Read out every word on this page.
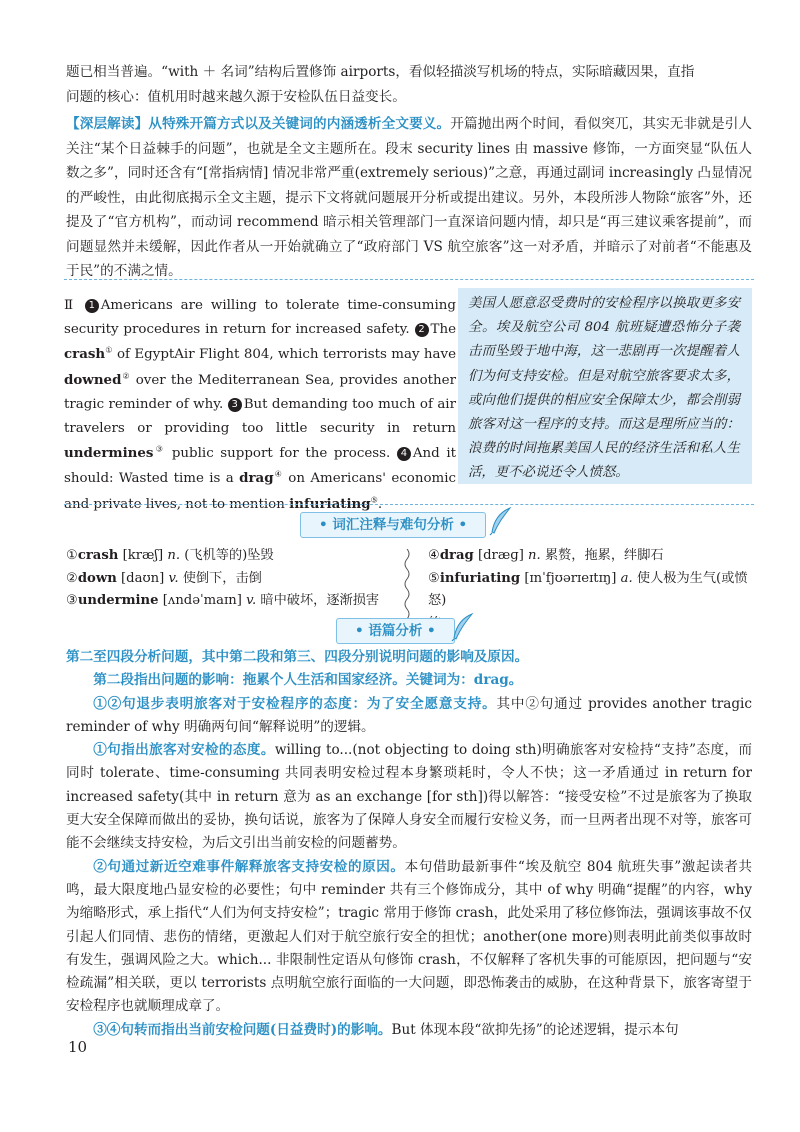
题已相当普遍。“with ＋ 名词”结构后置修饰 airports，看似轻描淡写机场的特点，实际暗藏因果，直指
问题的核心：值机用时越来越久源于安检队伍日益变长。
【深层解读】从特殊开篇方式以及关键词的内涵透析全文要义。开篇抛出两个时间，看似突兀，其实无非就是引人关注“某个日益棘手的问题”，也就是全文主题所在。段末 security lines 由 massive 修饰，一方面突显“队伍人数之多”，同时还含有“[常指病情] 情况非常严重(extremely serious)”之意，再通过副词 increasingly 凸显情况的严峻性，由此彻底揭示全文主题，提示下文将就问题展开分析或提出建议。另外，本段所涉人物除“旅客”外，还提及了“官方机构”，而动词 recommend 暗示相关管理部门一直深谙问题内情，却只是“再三建议乘客提前”，而问题显然并未缓解，因此作者从一开始就确立了“政府部门 VS 航空旅客”这一对矛盾，并暗示了对前者“不能惠及于民”的不满之情。
Ⅱ 1 Americans are willing to tolerate time-consuming security procedures in return for increased safety. 2 The crash① of EgyptAir Flight 804, which terrorists may have downed② over the Mediterranean Sea, provides another tragic reminder of why. 3 But demanding too much of air travelers or providing too little security in return undermines③ public support for the process. 4 And it should: Wasted time is a drag④ on Americans' economic and private lives, not to mention infuriating⑤.
美国人愿意忍受费时的安检程序以换取更多安全。埃及航空公司 804 航班疑遭恐怖分子袭击而坠毁于地中海，这一悲剧再一次提醒着人们为何支持安检。但是对航空旅客要求太多，或向他们提供的相应安全保障太少，都会削弱旅客对这一程序的支持。而这是理所应当的：浪费的时间拖累美国人民的经济生活和私人生活，更不必说还令人愤怒。
• 词汇注释与难句分析 •
①crash [kræʃ] n. (飞机等的)坠毁
②down [daʊn] v. 使倒下，击倒
③undermine [ʌndəˈmaɪn] v. 暗中破坏，逐渐损害
④drag [dræɡ] n. 累赘，拖累，绊脚石
⑤infuriating [ɪnˈfjʊərɪeɪtɪŋ] a. 使人极为生气(或愤怒)
• 语篇分析 •
第二至四段分析问题，其中第二段和第三、四段分别说明问题的影响及原因。
第二段指出问题的影响：拖累个人生活和国家经济。关键词为：drag。
①②句退步表明旅客对于安检程序的态度：为了安全愿意支持。其中②句通过 provides another tragic reminder of why 明确两句间“解释说明”的逻辑。
①句指出旅客对安检的态度。willing to...(not objecting to doing sth)明确旅客对安检持“支持”态度，而同时 tolerate、time-consuming 共同表明安检过程本身繁琐耗时，令人不快；这一矛盾通过 in return for increased safety(其中 in return 意为 as an exchange [for sth])得以解答：“接受安检”不过是旅客为了换取更大安全保障而做出的妥协，换句话说，旅客为了保障人身安全而履行安检义务，而一旦两者出现不对等，旅客可能不会继续支持安检，为后文引出当前安检的问题蓄势。
②句通过新近空难事件解释旅客支持安检的原因。本句借助最新事件“埃及航空 804 航班失事”激起读者共鸣，最大限度地凸显安检的必要性；句中 reminder 共有三个修饰成分，其中 of why 明确“提醒”的内容，why 为缩略形式，承上指代“人们为何支持安检”；tragic 常用于修饰 crash，此处采用了移位修饰法，强调该事故不仅引起人们同情、悲伤的情绪，更激起人们对于航空旅行安全的担忧；another(one more)则表明此前类似事故时有发生，强调风险之大。which... 非限制性定语从句修饰 crash，不仅解释了客机失事的可能原因，把问题与“安检疏漏”相关联，更以 terrorists 点明航空旅行面临的一大问题，即恐怖袭击的威胁，在这种背景下，旅客寄望于安检程序也就顺理成章了。
③④句转而指出当前安检问题(日益费时)的影响。But 体现本段“欲抑先扬”的论述逻辑，提示本句
10
